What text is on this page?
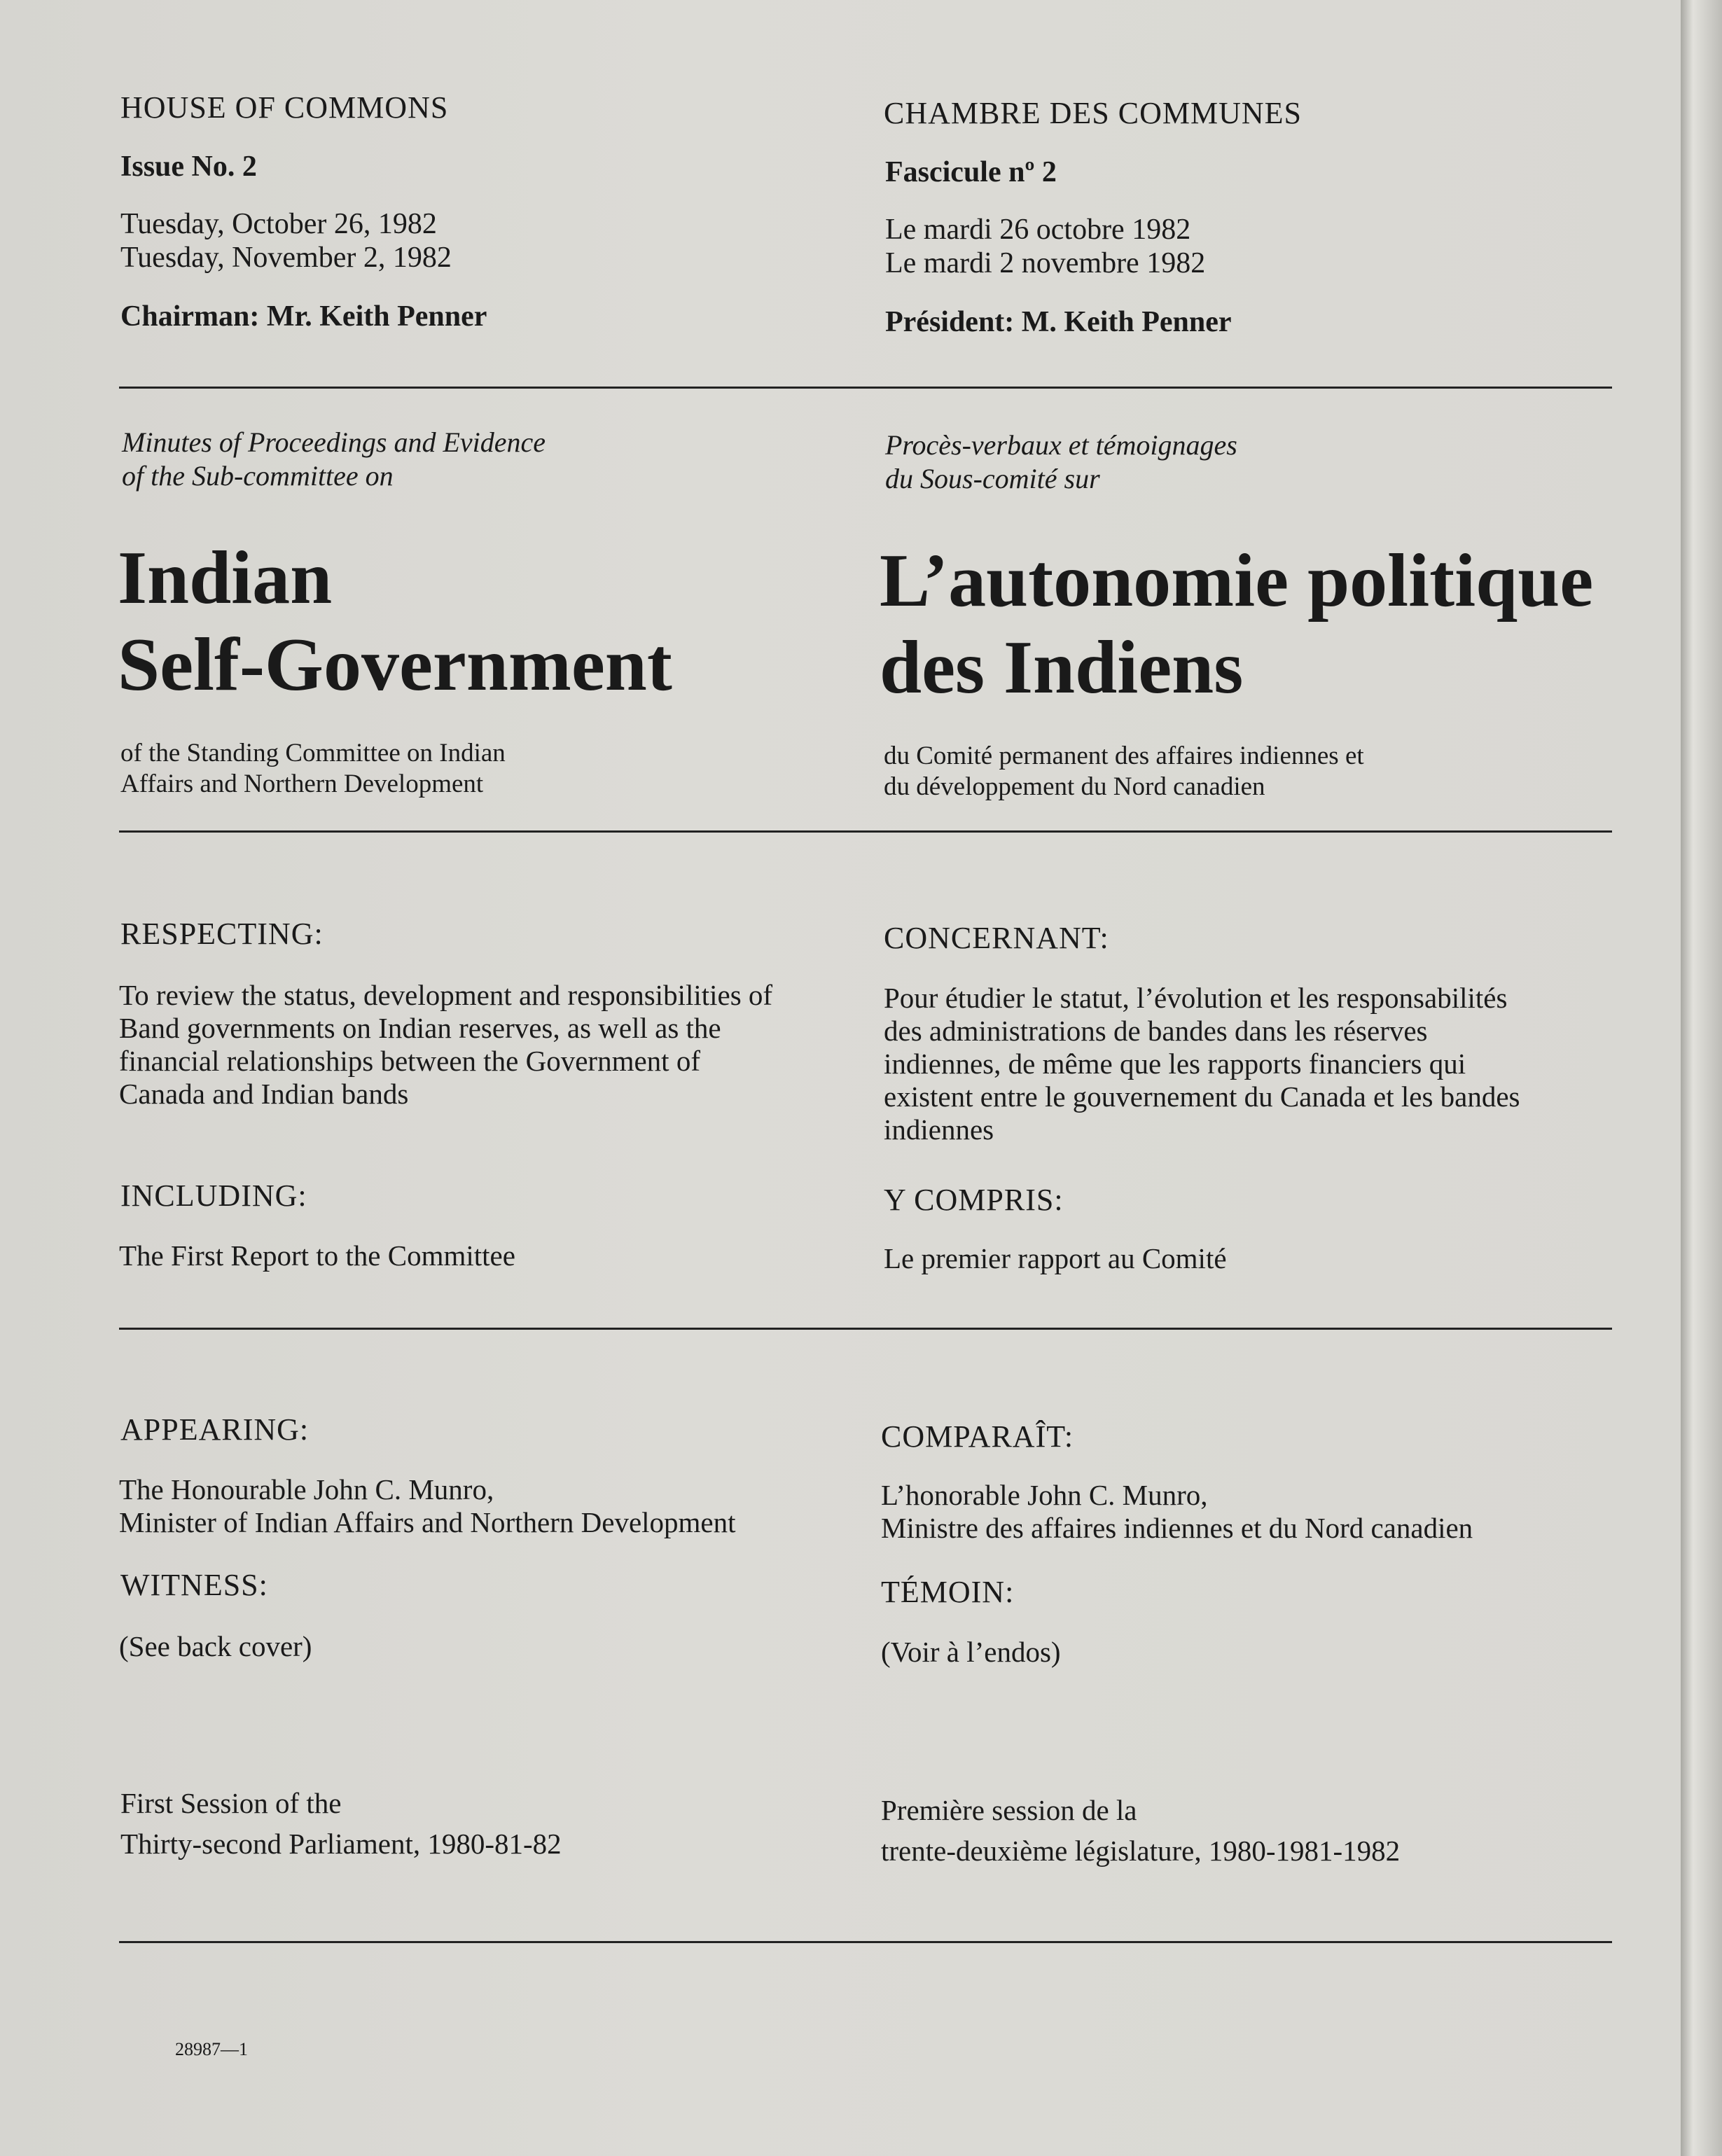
HOUSE OF COMMONS

Issue No. 2

Tuesday, October 26, 1982

Tuesday, November 2, 1982

Chairman: Mr. Keith Penner

Minutes of Proceedings and Evidence

of the Sub-committee on

Indian

Self-Government

of the Standing Committee on Indian

Affairs and Northern Development

RESPECTING:

To review the status, development and responsibilities of

Band governments on Indian reserves, as well as the

financial relationships between the Government of

Canada and Indian bands

INCLUDING:

The First Report to the Committee

APPEARING:

The Honourable John C. Munro,

Minister of Indian Affairs and Northern Development

WITNESS:

(See back cover)

First Session of the

Thirty-second Parliament, 1980-81-82

28987—1

CHAMBRE DES COMMUNES

Fascicule nº 2

Le mardi 26 octobre 1982

Le mardi 2 novembre 1982

Président: M. Keith Penner

Procès-verbaux et témoignages

du Sous-comité sur

L’autonomie politique

des Indiens

du Comité permanent des affaires indiennes et

du développement du Nord canadien

CONCERNANT:

Pour étudier le statut, l’évolution et les responsabilités

des administrations de bandes dans les réserves

indiennes, de même que les rapports financiers qui

existent entre le gouvernement du Canada et les bandes

indiennes

Y COMPRIS:

Le premier rapport au Comité

COMPARAÎT:

L’honorable John C. Munro,

Ministre des affaires indiennes et du Nord canadien

TÉMOIN:

(Voir à l’endos)

Première session de la

trente-deuxième législature, 1980-1981-1982
